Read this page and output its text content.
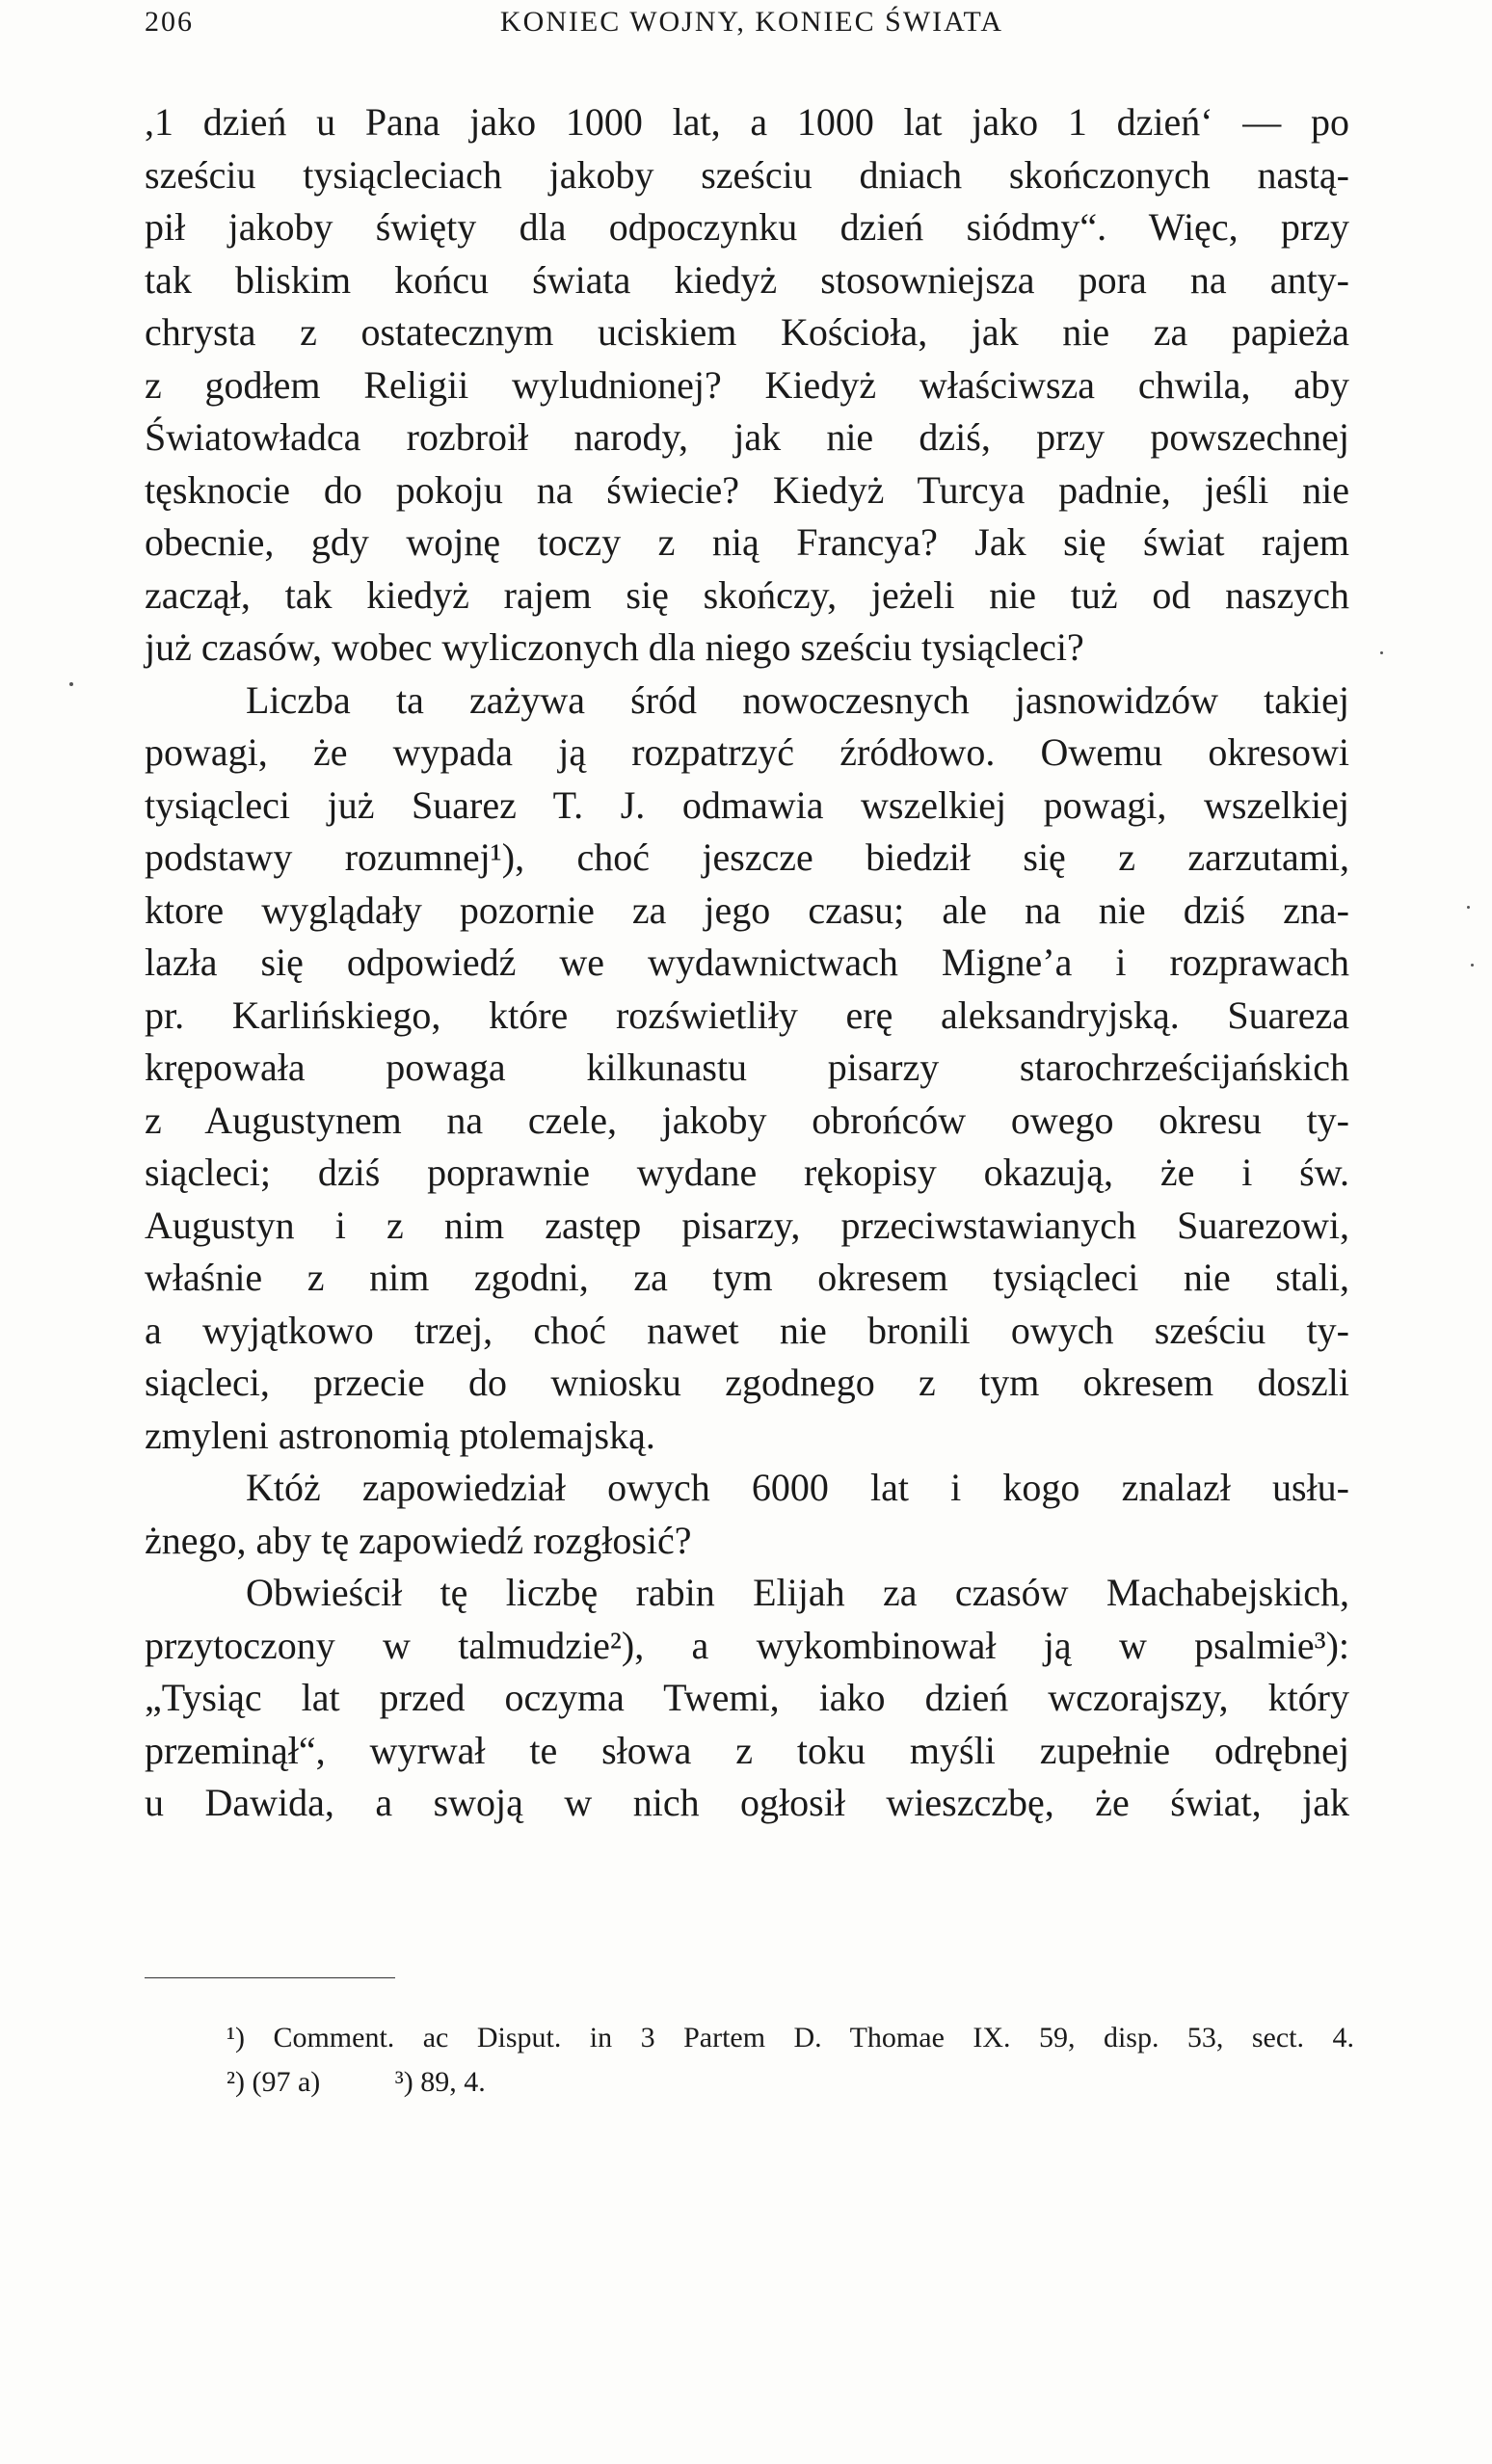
206	KONIEC WOJNY, KONIEC ŚWIATA
,1 dzień u Pana jako 1000 lat, a 1000 lat jako 1 dzień‘ — po
sześciu tysiącleciach jakoby sześciu dniach skończonych nastą-
pił jakoby święty dla odpoczynku dzień siódmy“. Więc, przy
tak bliskim końcu świata kiedyż stosowniejsza pora na anty-
chrysta z ostatecznym uciskiem Kościoła, jak nie za papieża
z godłem Religii wyludnionej? Kiedyż właściwsza chwila, aby
Światowładca rozbroił narody, jak nie dziś, przy powszechnej
tęsknocie do pokoju na świecie? Kiedyż Turcya padnie, jeśli nie
obecnie, gdy wojnę toczy z nią Francya? Jak się świat rajem
zaczął, tak kiedyż rajem się skończy, jeżeli nie tuż od naszych
już czasów, wobec wyliczonych dla niego sześciu tysiącleci?
Liczba ta zażywa śród nowoczesnych jasnowidzów takiej
powagi, że wypada ją rozpatrzyć źródłowo. Owemu okresowi
tysiącleci już Suarez T. J. odmawia wszelkiej powagi, wszelkiej
podstawy rozumnej¹), choć jeszcze biedził się z zarzutami,
ktore wyglądały pozornie za jego czasu; ale na nie dziś zna-
lazła się odpowiedź we wydawnictwach Migne’a i rozprawach
pr. Karlińskiego, które rozświetliły erę aleksandryjską. Suareza
krępowała powaga kilkunastu pisarzy starochrześcijańskich
z Augustynem na czele, jakoby obrońców owego okresu ty-
siącleci; dziś poprawnie wydane rękopisy okazują, że i św.
Augustyn i z nim zastęp pisarzy, przeciwstawianych Suarezowi,
właśnie z nim zgodni, za tym okresem tysiącleci nie stali,
a wyjątkowo trzej, choć nawet nie bronili owych sześciu ty-
siącleci, przecie do wniosku zgodnego z tym okresem doszli
zmyleni astronomią ptolemajską.
Któż zapowiedział owych 6000 lat i kogo znalazł usłu-
żnego, aby tę zapowiedź rozgłosić?
Obwieścił tę liczbę rabin Elijah za czasów Machabejskich,
przytoczony w talmudzie²), a wykombinował ją w psalmie³):
„Tysiąc lat przed oczyma Twemi, iako dzień wczorajszy, który
przeminął“, wyrwał te słowa z toku myśli zupełnie odrębnej
u Dawida, a swoją w nich ogłosił wieszczbę, że świat, jak
¹) Comment. ac Disput. in 3 Partem D. Thomae IX. 59, disp. 53, sect. 4.
²) (97 a)	³) 89, 4.
